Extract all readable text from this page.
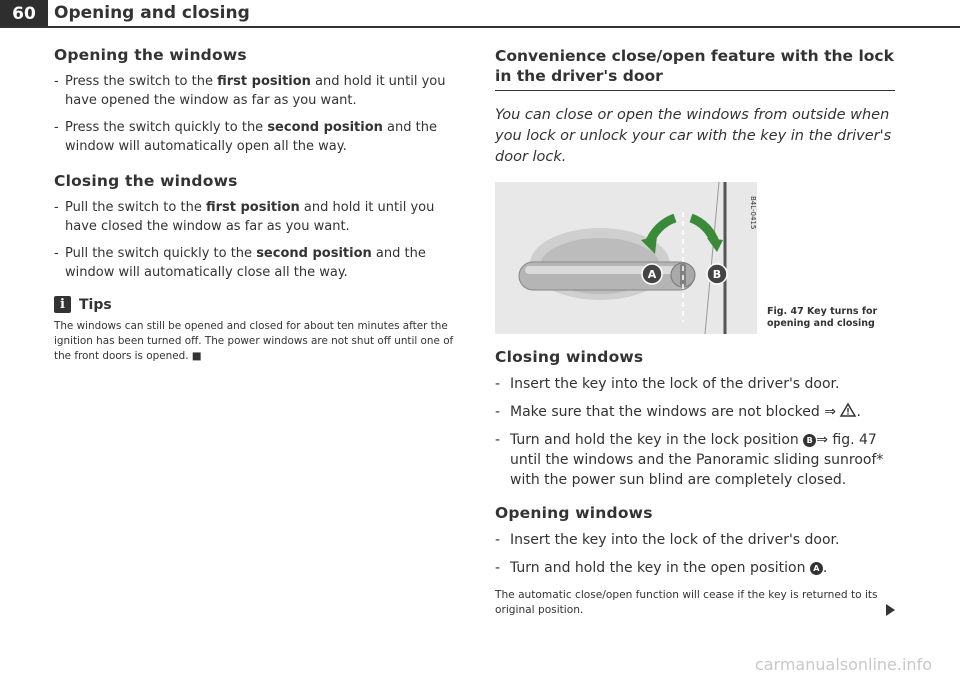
60	Opening and closing
Opening the windows

- Press the switch to the first position and hold it until you have opened the window as far as you want.

- Press the switch quickly to the second position and the window will automatically open all the way.

Closing the windows

- Pull the switch to the first position and hold it until you have closed the window as far as you want.

- Pull the switch quickly to the second position and the window will automatically close all the way.

i	Tips

The windows can still be opened and closed for about ten minutes after the ignition has been turned off. The power windows are not shut off until one of the front doors is opened. ■

Convenience close/open feature with the lock in the driver's door

You can close or open the windows from outside when you lock or unlock your car with the key in the driver's door lock.

A	B
B4L-0415
Fig. 47 Key turns for opening and closing
Closing windows

- Insert the key into the lock of the driver's door.

- Make sure that the windows are not blocked ⇒ .

- Turn and hold the key in the lock position B ⇒ fig. 47 until the windows and the Panoramic sliding sunroof* with the power sun blind are completely closed.

Opening windows

- Insert the key into the lock of the driver's door.

- Turn and hold the key in the open position A .

The automatic close/open function will cease if the key is returned to its original position.

carmanualsonline.info
